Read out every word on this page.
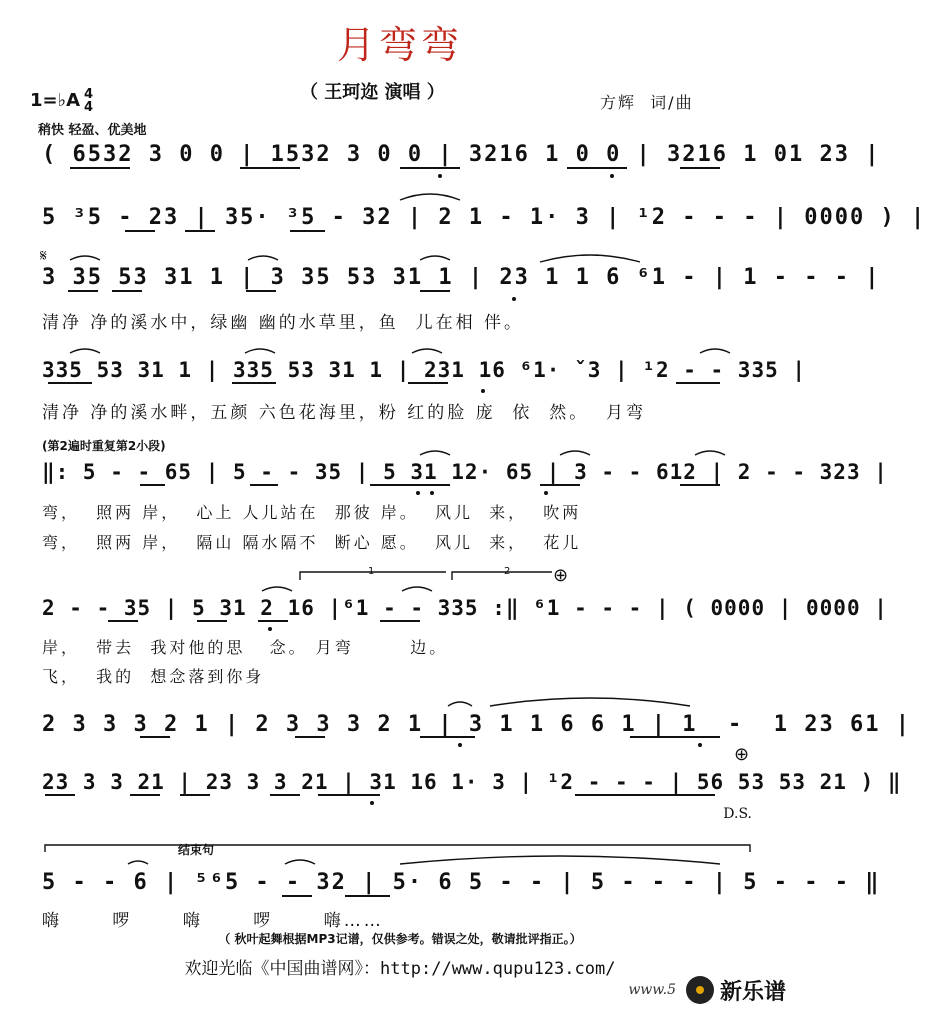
月弯弯
（ 王珂迩 演唱 ）
1=♭A 4
4	方辉  词/曲
稍快 轻盈、优美地
( 6532 3 0 0 | 1532 3 0 0 | 3216 1 0 0 | 3216 1 01 23 |
5 ³5 - 23 | 35· ³5 - 32 | 2 1 - 1· 3 | ¹2 - - - | 0000 ) |
𝄋
3 35 53 31 1 | 3 35 53 31 1 | 23 1 1 6 ⁶1 - | 1 - - - |
清净 净的溪水中，绿幽 幽的水草里，鱼  儿在相 伴。
335 53 31 1 | 335 53 31 1 | 231 16 ⁶1· ˇ3 | ¹2 - - 335 |
清净 净的溪水畔，五颜 六色花海里，粉 红的脸 庞  依  然。  月弯
(第2遍时重复第2小段)
‖: 5 - - 65 | 5 - - 35 | 5 31 12· 65 | 3 - - 612 | 2 - - 323 |
弯，  照两 岸，  心上 人儿站在  那彼 岸。  风儿  来，  吹两
弯，  照两 岸，  隔山 隔水隔不  断心 愿。  风儿  来，  花儿
1	2 ⊕
2 - - 35 | 5 31 2 16 |⁶1 - - 335 :‖ ⁶1 - - - | ( 0000 | 0000 |
岸，  带去  我对他的思   念。 月弯       边。
飞，  我的  想念落到你身
2 3 3 3 2 1 | 2 3 3 3 2 1 | 3 1 1 6 6 1 | 1  -  1 23 61 |
⊕
23 3 3 21 | 23 3 3 21 | 31 16 1· 3 | ¹2 - - - | 56 53 53 21 ) ‖
D.S.
结束句
5 - - 6 | ⁵⁶5 - - 32 | 5· 6 5 - - | 5 - - - | 5 - - - ‖
嗨      啰      嗨      啰      嗨……
（ 秋叶起舞根据MP3记谱，仅供参考。错误之处，敬请批评指正。）
欢迎光临《中国曲谱网》：http://www.qupu123.com/
www.5 新乐谱
